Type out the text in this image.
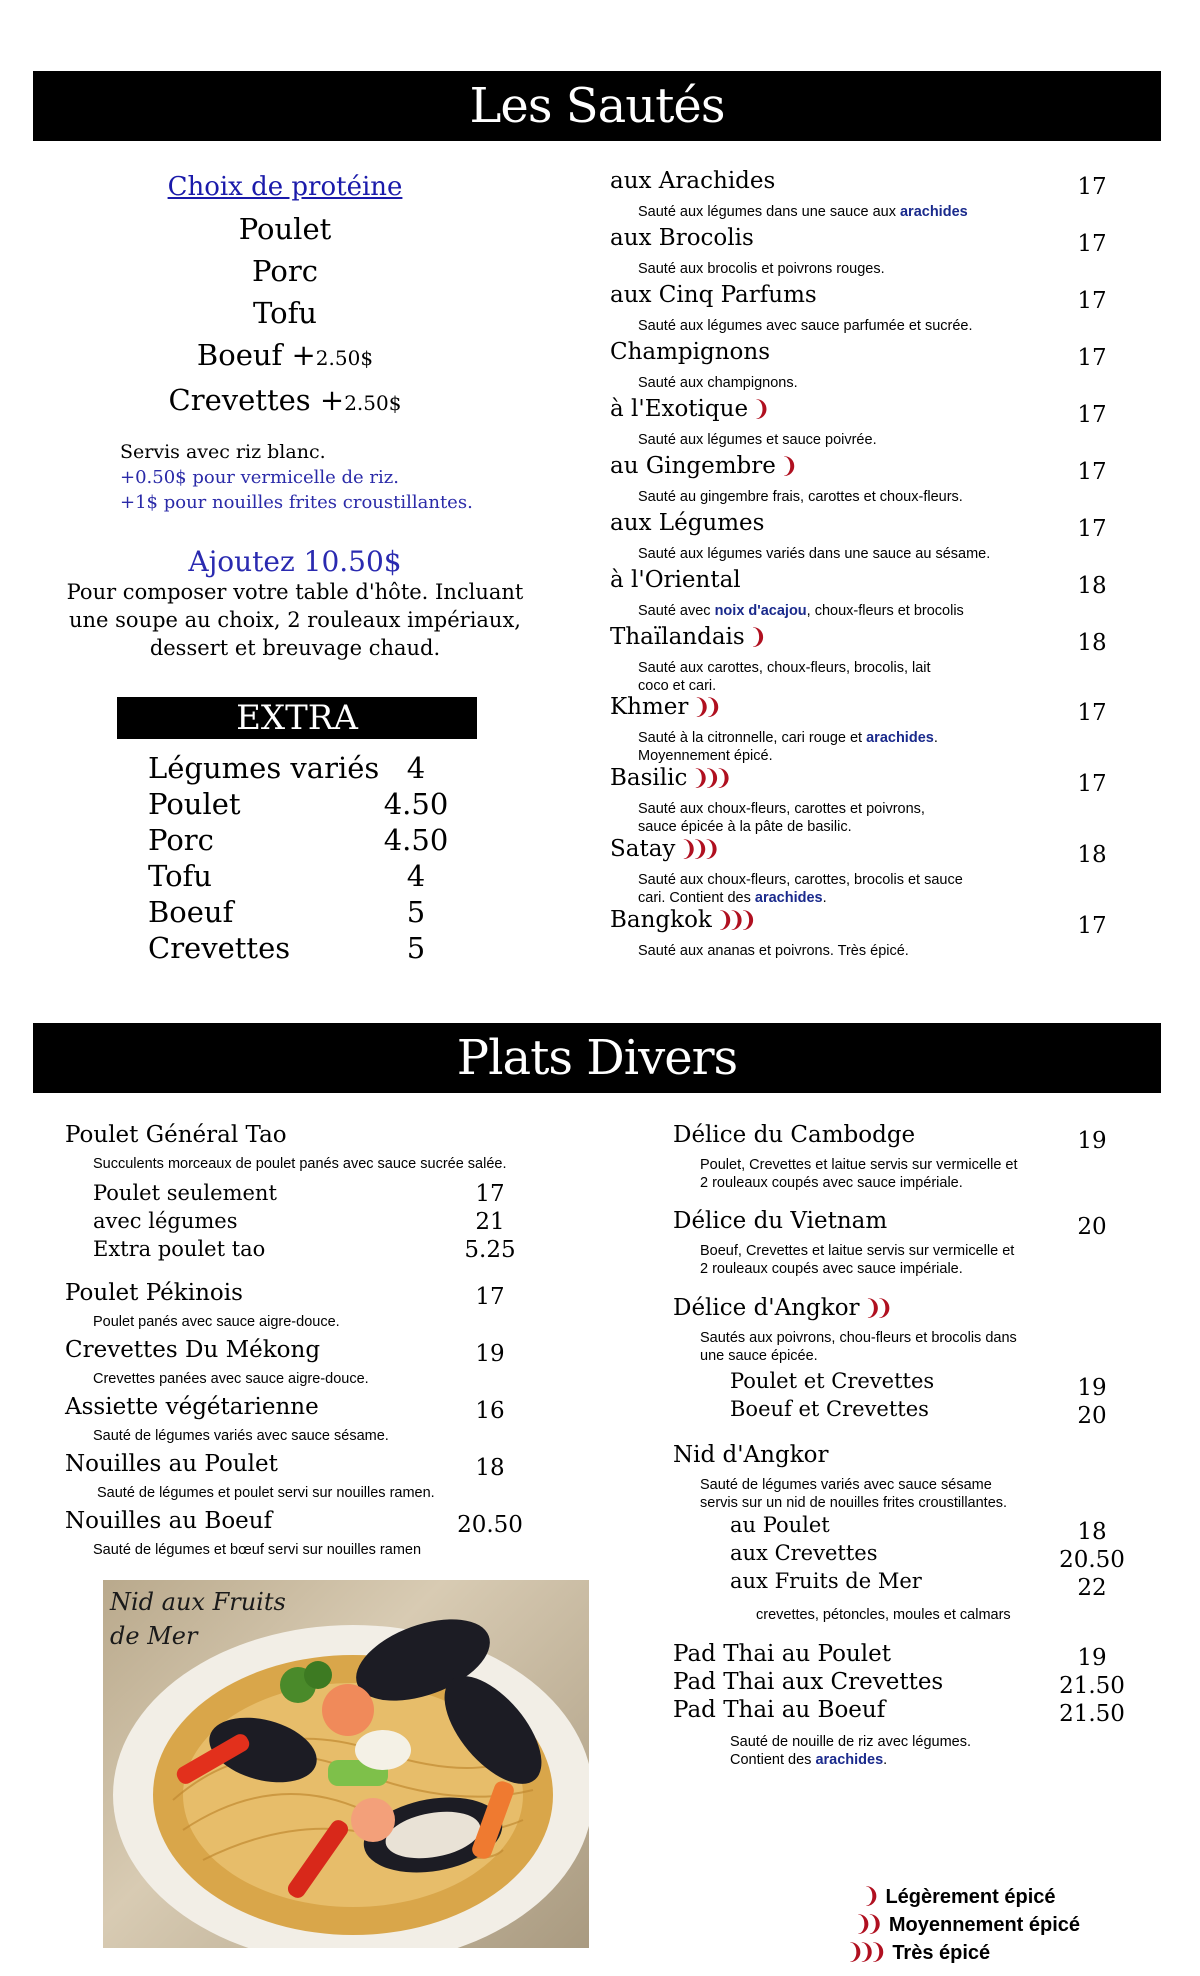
Les Sautés
Choix de protéine
Poulet
Porc
Tofu
Boeuf +2.50$
Crevettes +2.50$
Servis avec riz blanc.
+0.50$ pour vermicelle de riz.
+1$ pour nouilles frites croustillantes.
Ajoutez 10.50$
Pour composer votre table d'hôte. Incluant
une soupe au choix, 2 rouleaux impériaux,
dessert et breuvage chaud.
EXTRA
Légumes variés 4
Poulet	4.50
Porc	4.50
Tofu	4
Boeuf	5
Crevettes	5
aux Arachides	17
Sauté aux légumes dans une sauce aux arachides
aux Brocolis	17
Sauté aux brocolis et poivrons rouges.
aux Cinq Parfums	17
Sauté aux légumes avec sauce parfumée et sucrée.
Champignons	17
Sauté aux champignons.
à l'Exotique ❩	17
Sauté aux légumes et sauce poivrée.
au Gingembre ❩	17
Sauté au gingembre frais, carottes et choux-fleurs.
aux Légumes	17
Sauté aux légumes variés dans une sauce au sésame.
à l'Oriental	18
Sauté avec noix d'acajou, choux-fleurs et brocolis
Thaïlandais ❩	18
Sauté aux carottes, choux-fleurs, brocolis, lait
coco et cari.
Khmer ❩❩	17
Sauté à la citronnelle, cari rouge et arachides.
Moyennement épicé.
Basilic ❩❩❩	17
Sauté aux choux-fleurs, carottes et poivrons,
sauce épicée à la pâte de basilic.
Satay ❩❩❩	18
Sauté aux choux-fleurs, carottes, brocolis et sauce
cari. Contient des arachides.
Bangkok ❩❩❩	17
Sauté aux ananas et poivrons. Très épicé.
Plats Divers
Poulet Général Tao
Succulents morceaux de poulet panés avec sauce sucrée salée.
Poulet seulement	17
avec légumes	21
Extra poulet tao	5.25
Poulet Pékinois	17
Poulet panés avec sauce aigre-douce.
Crevettes Du Mékong	19
Crevettes panées avec sauce aigre-douce.
Assiette végétarienne	16
Sauté de légumes variés avec sauce sésame.
Nouilles au Poulet	18
Sauté de légumes et poulet servi sur nouilles ramen.
Nouilles au Boeuf	20.50
Sauté de légumes et bœuf servi sur nouilles ramen
Nid aux Fruits
de Mer
Délice du Cambodge	19
Poulet, Crevettes et laitue servis sur vermicelle et
2 rouleaux coupés avec sauce impériale.
Délice du Vietnam	20
Boeuf, Crevettes et laitue servis sur vermicelle et
2 rouleaux coupés avec sauce impériale.
Délice d'Angkor ❩❩
Sautés aux poivrons, chou-fleurs et brocolis dans
une sauce épicée.
Poulet et Crevettes	19
Boeuf et Crevettes	20
Nid d'Angkor
Sauté de légumes variés avec sauce sésame
servis sur un nid de nouilles frites croustillantes.
au Poulet	18
aux Crevettes	20.50
aux Fruits de Mer	22
crevettes, pétoncles, moules et calmars
Pad Thai au Poulet	19
Pad Thai aux Crevettes	21.50
Pad Thai au Boeuf	21.50
Sauté de nouille de riz avec légumes.
Contient des arachides.
❩ Légèrement épicé
❩❩ Moyennement épicé
❩❩❩ Très épicé
